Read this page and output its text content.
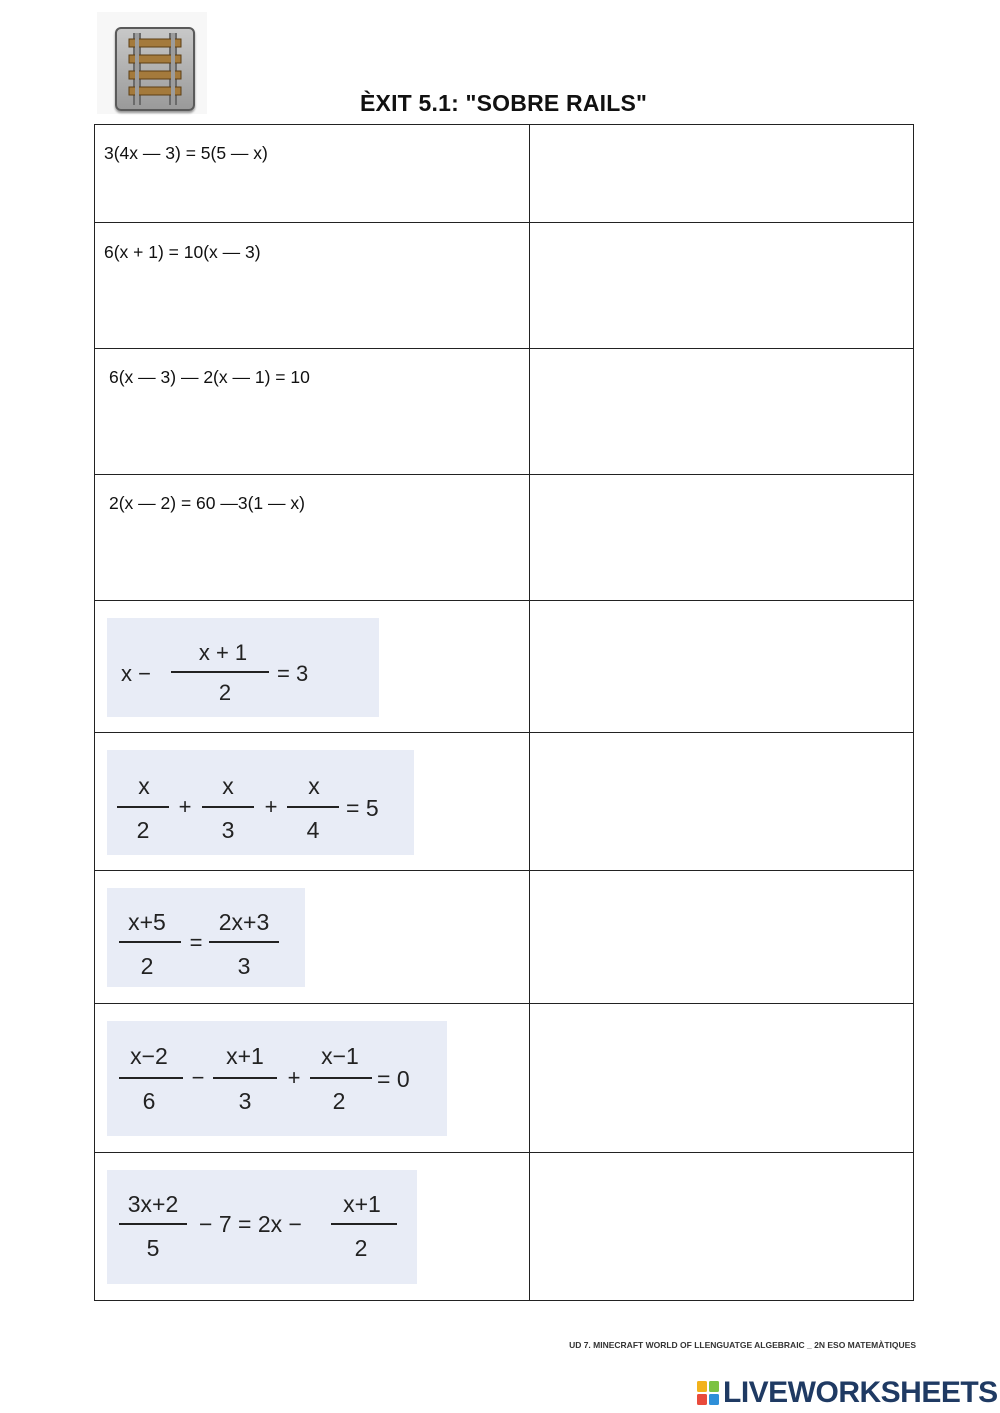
ÈXIT 5.1: "SOBRE RAILS"
3(4x — 3) = 5(5 — x)
6(x + 1) = 10(x — 3)
6(x — 3) — 2(x — 1) = 10
2(x — 2) = 60 —3(1 — x)
x −
x + 1
2
= 3
x
2
+
x
3
+
x
4
= 5
x+5
2
=
2x+3
3
x−2
6
−
x+1
3
+
x−1
2
= 0
3x+2
5
− 7 = 2x −
x+1
2
UD 7. MINECRAFT WORLD OF LLENGUATGE ALGEBRAIC _ 2N ESO MATEMÀTIQUES
LIVEWORKSHEETS
